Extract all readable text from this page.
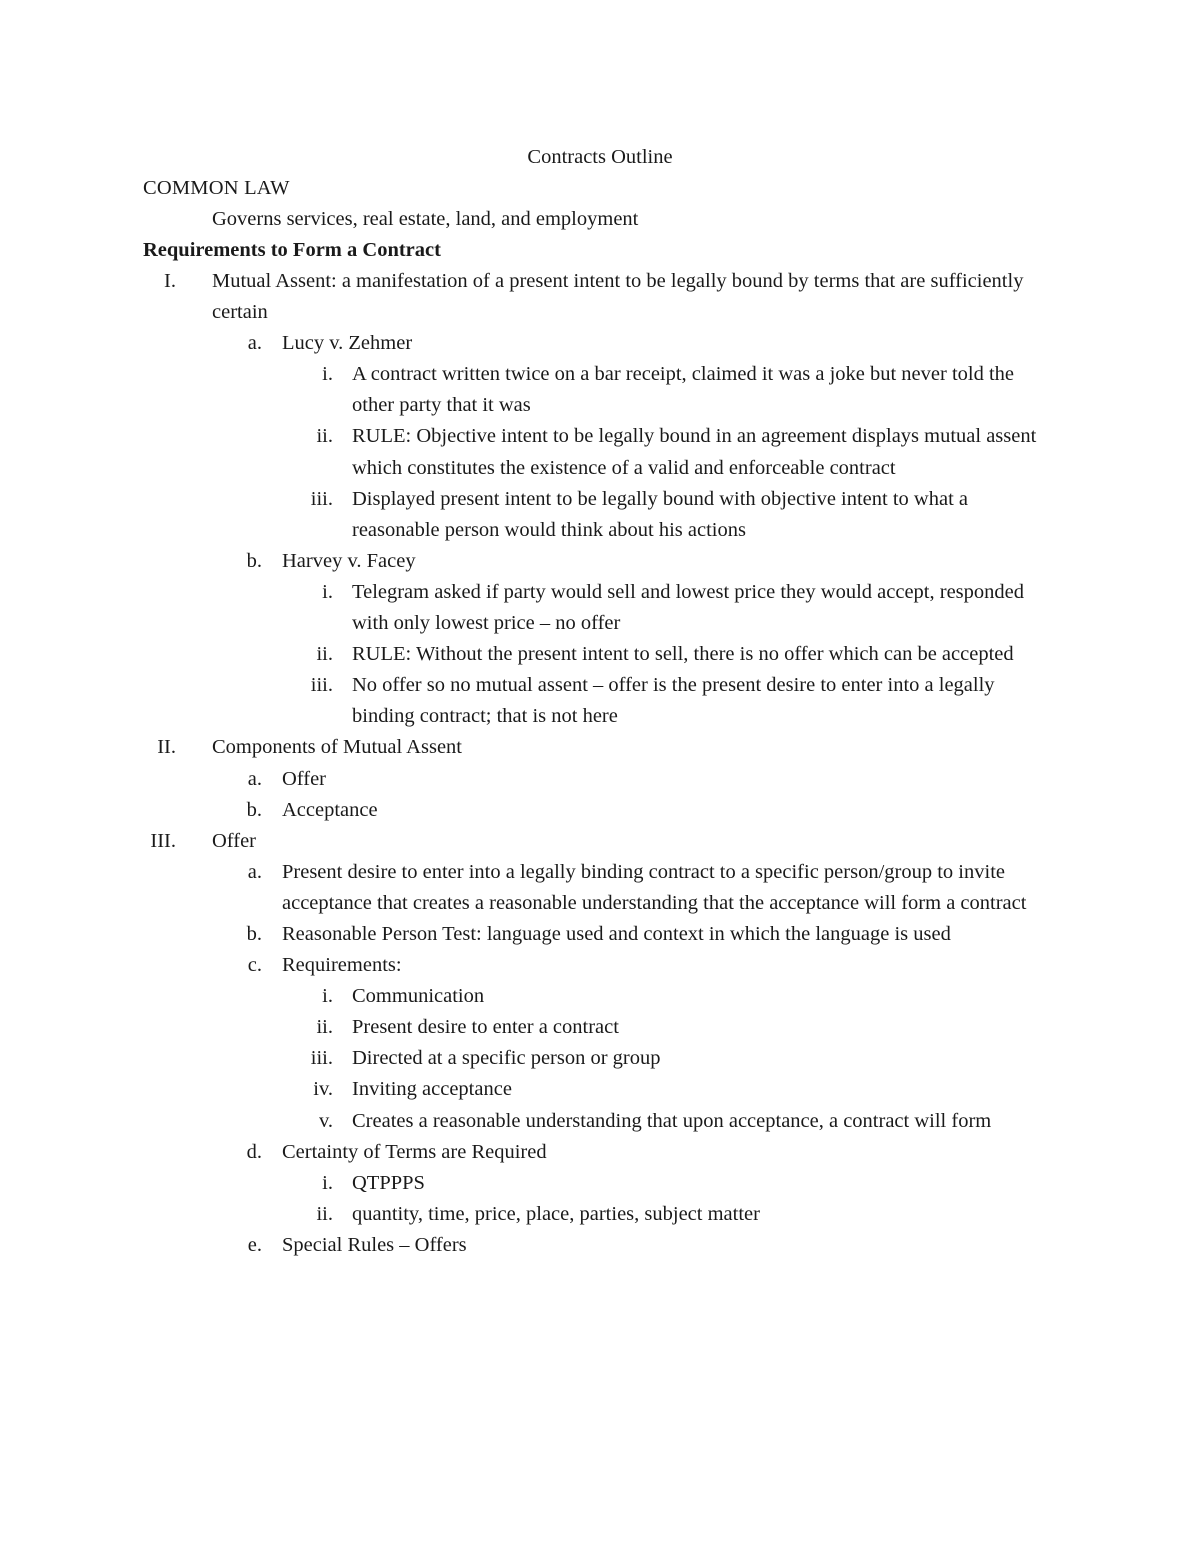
Contracts Outline
COMMON LAW
Governs services, real estate, land, and employment
Requirements to Form a Contract
I. Mutual Assent: a manifestation of a present intent to be legally bound by terms that are sufficiently certain
a. Lucy v. Zehmer
i. A contract written twice on a bar receipt, claimed it was a joke but never told the other party that it was
ii. RULE: Objective intent to be legally bound in an agreement displays mutual assent which constitutes the existence of a valid and enforceable contract
iii. Displayed present intent to be legally bound with objective intent to what a reasonable person would think about his actions
b. Harvey v. Facey
i. Telegram asked if party would sell and lowest price they would accept, responded with only lowest price – no offer
ii. RULE: Without the present intent to sell, there is no offer which can be accepted
iii. No offer so no mutual assent – offer is the present desire to enter into a legally binding contract; that is not here
II. Components of Mutual Assent
a. Offer
b. Acceptance
III. Offer
a. Present desire to enter into a legally binding contract to a specific person/group to invite acceptance that creates a reasonable understanding that the acceptance will form a contract
b. Reasonable Person Test: language used and context in which the language is used
c. Requirements:
i. Communication
ii. Present desire to enter a contract
iii. Directed at a specific person or group
iv. Inviting acceptance
v. Creates a reasonable understanding that upon acceptance, a contract will form
d. Certainty of Terms are Required
i. QTPPPS
ii. quantity, time, price, place, parties, subject matter
e. Special Rules – Offers
